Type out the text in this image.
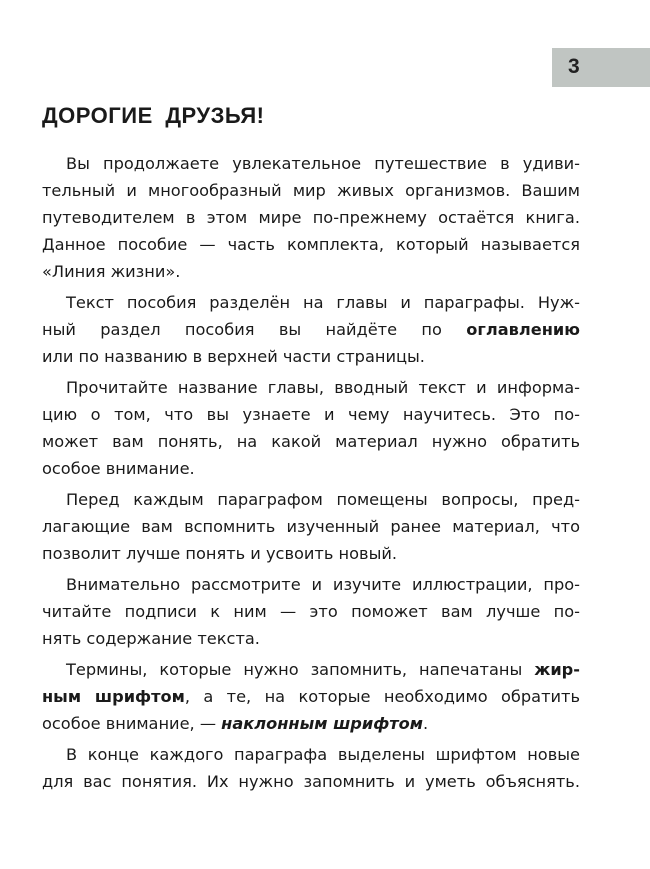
3
ДОРОГИЕ ДРУЗЬЯ!
Вы продолжаете увлекательное путешествие в удиви-
тельный и многообразный мир живых организмов. Вашим
путеводителем в этом мире по-прежнему остаётся книга.
Данное пособие — часть комплекта, который называется
«Линия жизни».
Текст пособия разделён на главы и параграфы. Нуж-
ный раздел пособия вы найдёте по оглавлению
или по названию в верхней части страницы.
Прочитайте название главы, вводный текст и информа-
цию о том, что вы узнаете и чему научитесь. Это по-
может вам понять, на какой материал нужно обратить
особое внимание.
Перед каждым параграфом помещены вопросы, пред-
лагающие вам вспомнить изученный ранее материал, что
позволит лучше понять и усвоить новый.
Внимательно рассмотрите и изучите иллюстрации, про-
читайте подписи к ним — это поможет вам лучше по-
нять содержание текста.
Термины, которые нужно запомнить, напечатаны жир-
ным шрифтом, а те, на которые необходимо обратить
особое внимание, — наклонным шрифтом.
В конце каждого параграфа выделены шрифтом новые
для вас понятия. Их нужно запомнить и уметь объяснять.
